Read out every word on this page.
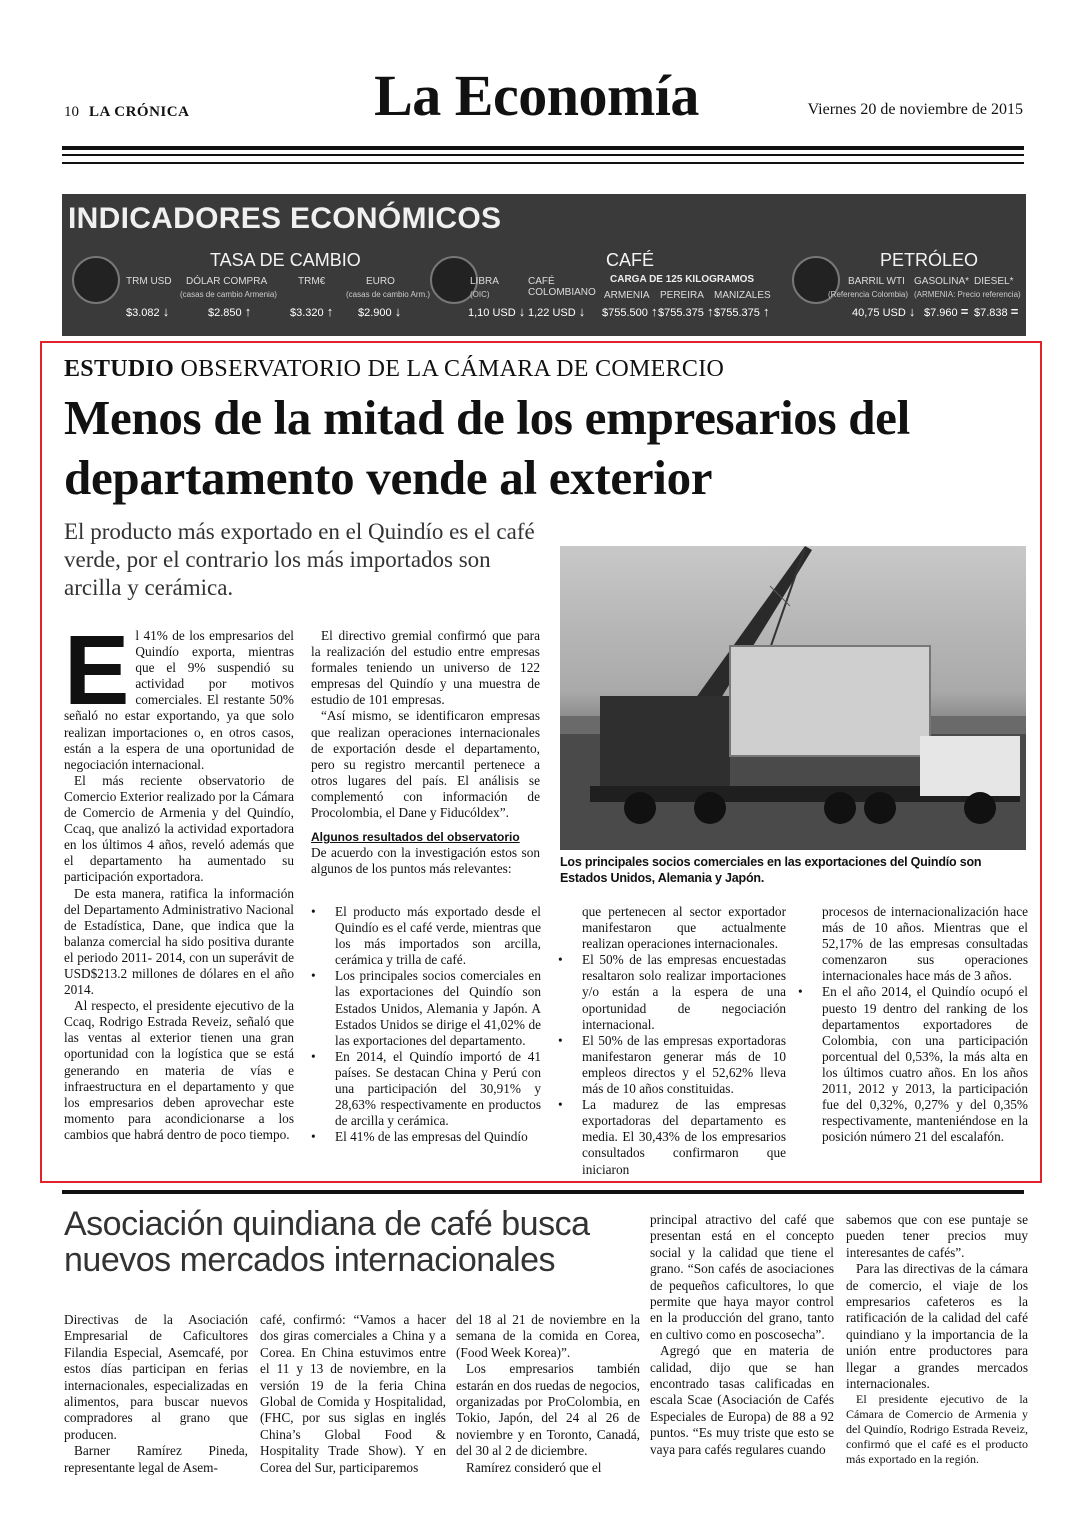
10 LA CRÓNICA	La Economía	Viernes 20 de noviembre de 2015
INDICADORES ECONÓMICOS
TASA DE CAMBIO	CAFÉ
CARGA DE 125 KILOGRAMOS
PETRÓLEO
TRM USD
$3.082 ↓
DÓLAR COMPRA
(casas de cambio Armenia)
$2.850 ↑
TRM€
$3.320 ↑
EURO
(casas de cambio Arm.)
$2.900 ↓
LIBRA
(OIC)
1,10 USD ↓
CAFÉ COLOMBIANO
1,22 USD ↓
ARMENIA
$755.500 ↑
PEREIRA
$755.375 ↑
MANIZALES
$755.375 ↑
BARRIL WTI
(Referencia Colombia)
40,75 USD ↓
GASOLINA*
(ARMENIA: Precio referencia)
$7.960 =
DIESEL*
$7.838 =
ESTUDIO OBSERVATORIO DE LA CÁMARA DE COMERCIO
Menos de la mitad de los empresarios del departamento vende al exterior
El producto más exportado en el Quindío es el café verde, por el contrario los más importados son arcilla y cerámica.
Los principales socios comerciales en las exportaciones del Quindío son Estados Unidos, Alemania y Japón.
E l 41% de los empresarios del Quindío exporta, mientras que el 9% suspendió su actividad por motivos comerciales. El restante 50% señaló no estar exportando, ya que solo realizan importaciones o, en otros casos, están a la espera de una oportunidad de negociación internacional.

El más reciente observatorio de Comercio Exterior realizado por la Cámara de Comercio de Armenia y del Quindío, Ccaq, que analizó la actividad exportadora en los últimos 4 años, reveló además que el departamento ha aumentado su participación exportadora.

De esta manera, ratifica la información del Departamento Administrativo Nacional de Estadística, Dane, que indica que la balanza comercial ha sido positiva durante el periodo 2011- 2014, con un superávit de USD$213.2 millones de dólares en el año 2014.

Al respecto, el presidente ejecutivo de la Ccaq, Rodrigo Estrada Reveiz, señaló que las ventas al exterior tienen una gran oportunidad con la logística que se está generando en materia de vías e infraestructura en el departamento y que los empresarios deben aprovechar este momento para acondicionarse a los cambios que habrá dentro de poco tiempo.

El directivo gremial confirmó que para la realización del estudio entre empresas formales teniendo un universo de 122 empresas del Quindío y una muestra de estudio de 101 empresas.

“Así mismo, se identificaron empresas que realizan operaciones internacionales de exportación desde el departamento, pero su registro mercantil pertenece a otros lugares del país. El análisis se complementó con información de Procolombia, el Dane y Fiducóldex”.

Algunos resultados del observatorio

De acuerdo con la investigación estos son algunos de los puntos más relevantes:

• El producto más exportado desde el Quindío es el café verde, mientras que los más importados son arcilla, cerámica y trilla de café.
• Los principales socios comerciales en las exportaciones del Quindío son Estados Unidos, Alemania y Japón. A Estados Unidos se dirige el 41,02% de las exportaciones del departamento.
• En 2014, el Quindío importó de 41 países. Se destacan China y Perú con una participación del 30,91% y 28,63% respectivamente en productos de arcilla y cerámica.
• El 41% de las empresas del Quindío

que pertenecen al sector exportador manifestaron que actualmente realizan operaciones internacionales.

• El 50% de las empresas encuestadas resaltaron solo realizar importaciones y/o están a la espera de una oportunidad de negociación internacional.
• El 50% de las empresas exportadoras manifestaron generar más de 10 empleos directos y el 52,62% lleva más de 10 años constituidas.
• La madurez de las empresas exportadoras del departamento es media. El 30,43% de los empresarios consultados confirmaron que iniciaron

procesos de internacionalización hace más de 10 años. Mientras que el 52,17% de las empresas consultadas comenzaron sus operaciones internacionales hace más de 3 años.

• En el año 2014, el Quindío ocupó el puesto 19 dentro del ranking de los departamentos exportadores de Colombia, con una participación porcentual del 0,53%, la más alta en los últimos cuatro años. En los años 2011, 2012 y 2013, la participación fue del 0,32%, 0,27% y del 0,35% respectivamente, manteniéndose en la posición número 21 del escalafón.
Asociación quindiana de café busca nuevos mercados internacionales

Directivas de la Asociación Empresarial de Caficultores Filandia Especial, Asemcafé, por estos días participan en ferias internacionales, especializadas en alimentos, para buscar nuevos compradores al grano que producen.

Barner Ramírez Pineda, representante legal de Asem-

café, confirmó: “Vamos a hacer dos giras comerciales a China y a Corea. En China estuvimos entre el 11 y 13 de noviembre, en la versión 19 de la feria China Global de Comida y Hospitalidad, (FHC, por sus siglas en inglés China’s Global Food & Hospitality Trade Show). Y en Corea del Sur, participaremos

del 18 al 21 de noviembre en la semana de la comida en Corea, (Food Week Korea)”.

Los empresarios también estarán en dos ruedas de negocios, organizadas por ProColombia, en Tokio, Japón, del 24 al 26 de noviembre y en Toronto, Canadá, del 30 al 2 de diciembre.

Ramírez consideró que el

principal atractivo del café que presentan está en el concepto social y la calidad que tiene el grano. “Son cafés de asociaciones de pequeños caficultores, lo que permite que haya mayor control en la producción del grano, tanto en cultivo como en poscosecha”.

Agregó que en materia de calidad, dijo que se han encontrado tasas calificadas en escala Scae (Asociación de Cafés Especiales de Europa) de 88 a 92 puntos. “Es muy triste que esto se vaya para cafés regulares cuando

sabemos que con ese puntaje se pueden tener precios muy interesantes de cafés”.

Para las directivas de la cámara de comercio, el viaje de los empresarios cafeteros es la ratificación de la calidad del café quindiano y la importancia de la unión entre productores para llegar a grandes mercados internacionales.

El presidente ejecutivo de la Cámara de Comercio de Armenia y del Quindío, Rodrigo Estrada Reveiz, confirmó que el café es el producto más exportado en la región.
